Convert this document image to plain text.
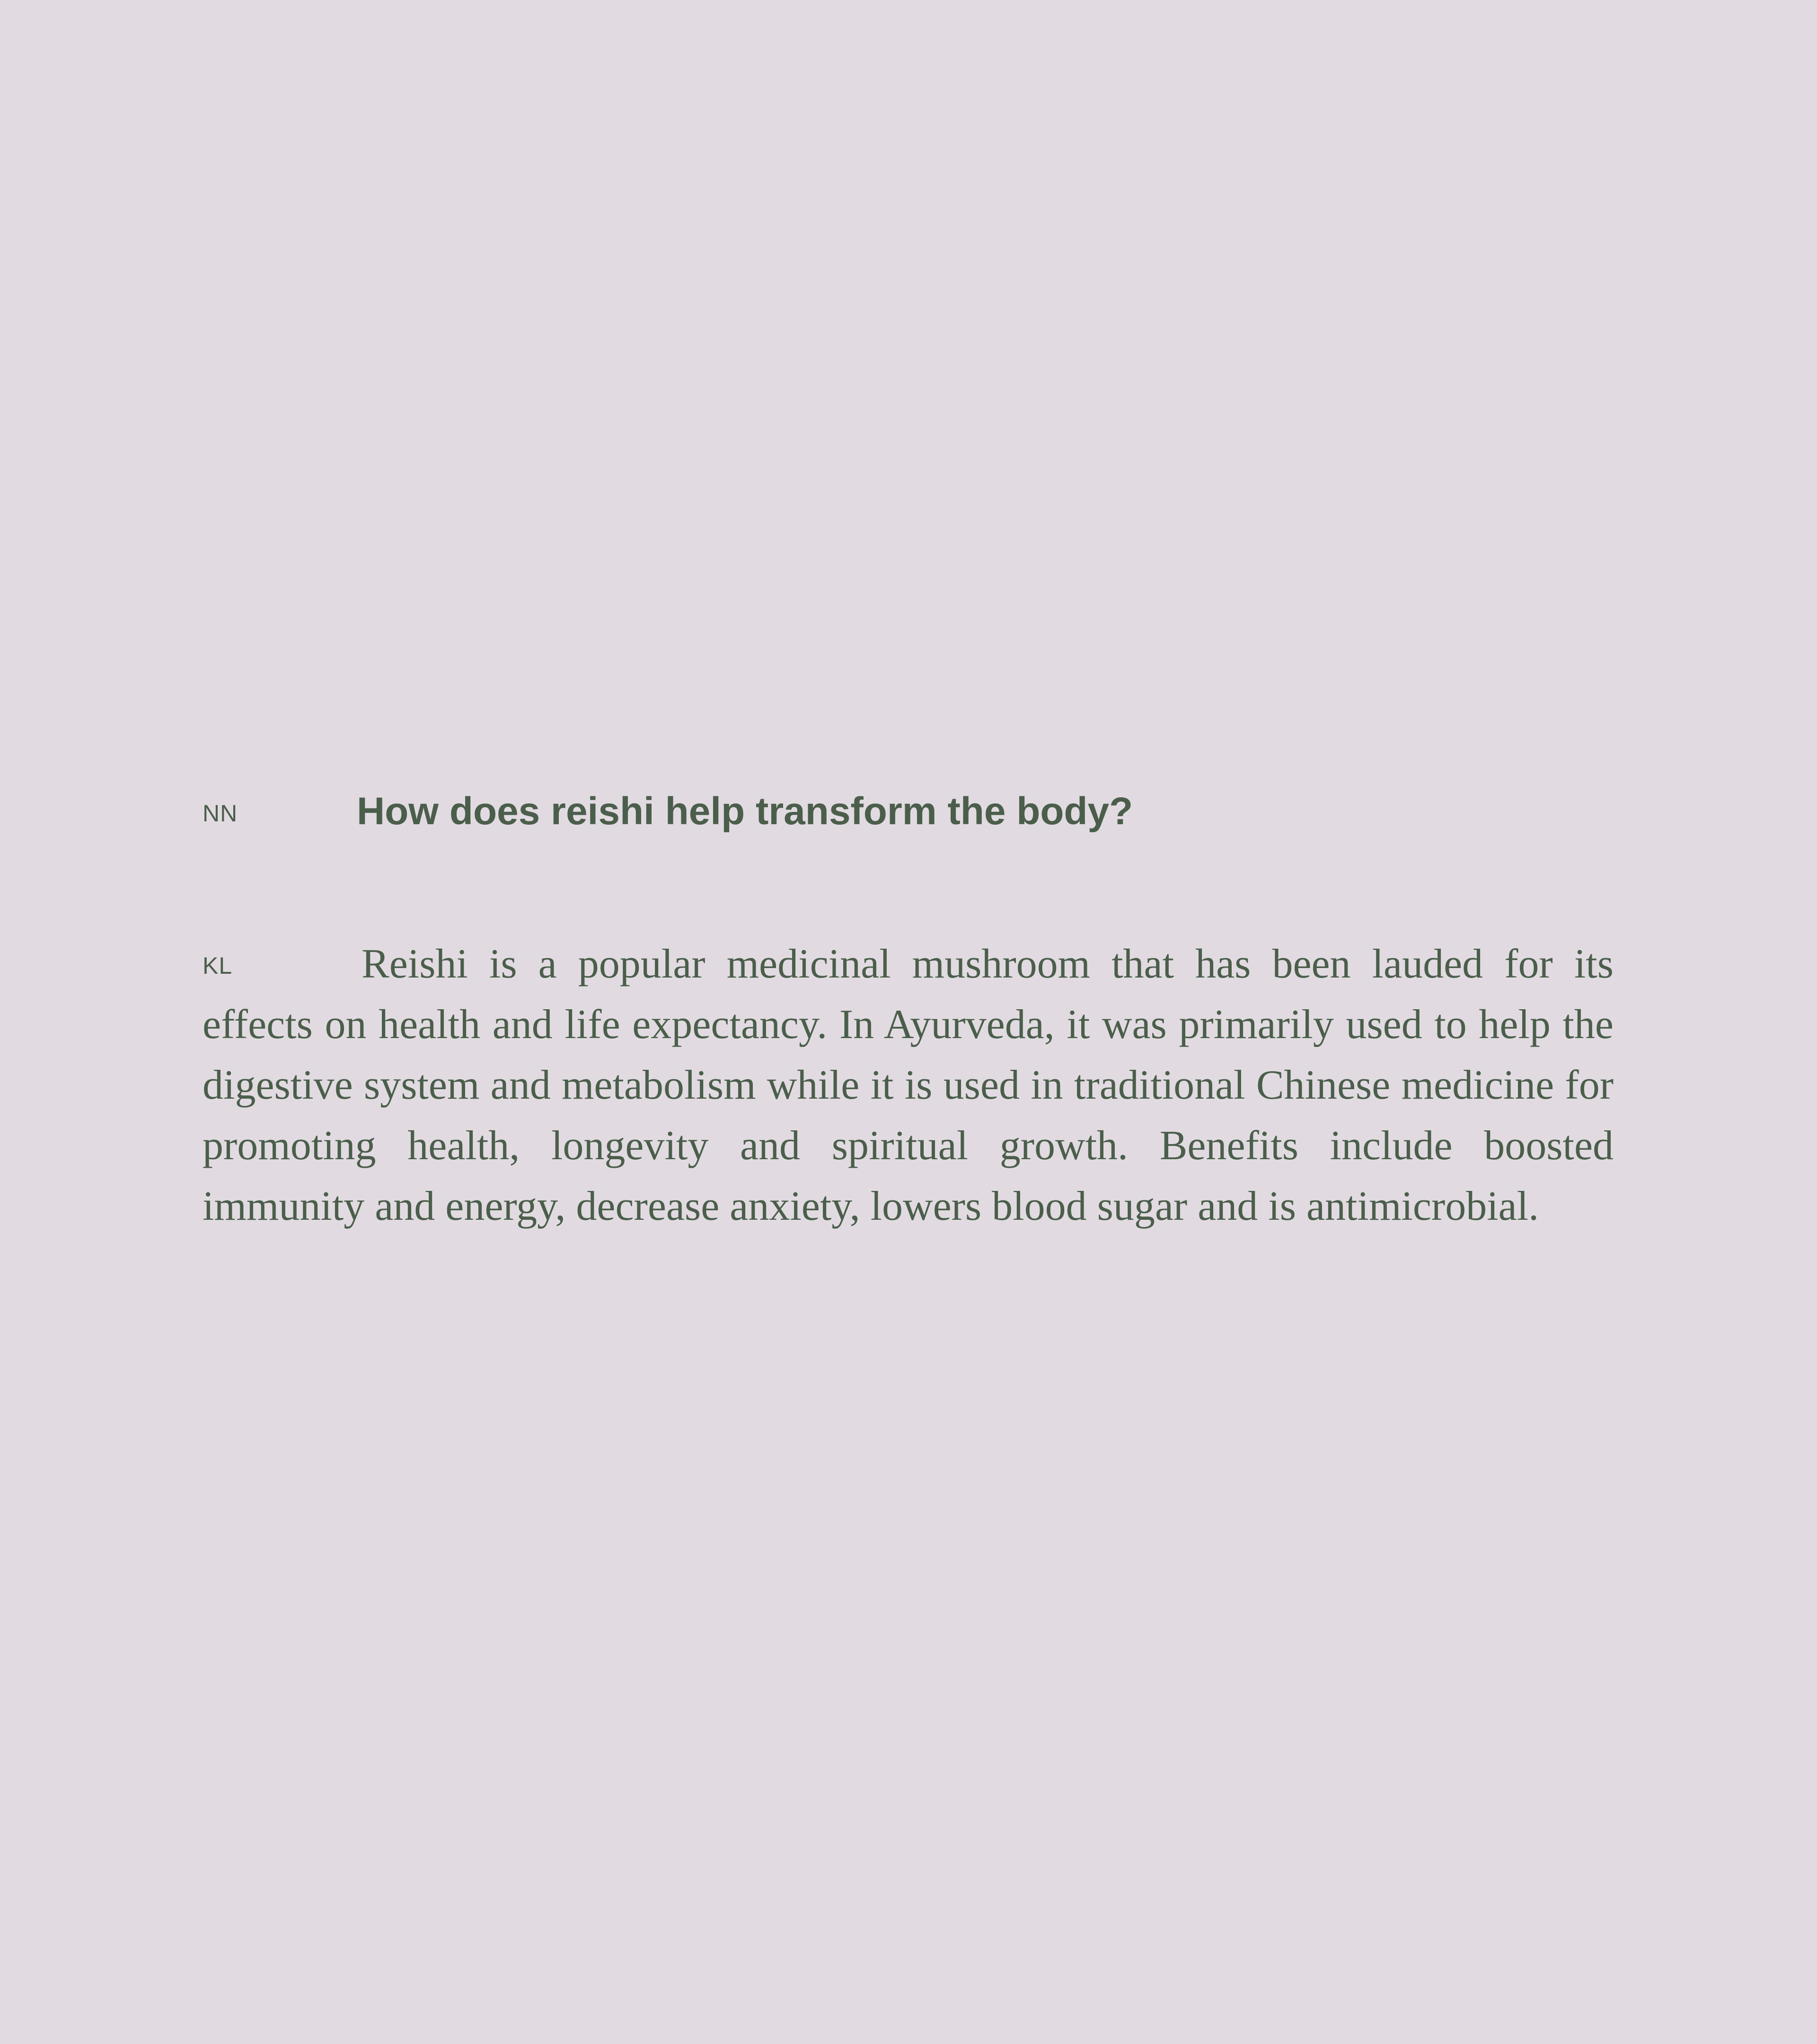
NN	How does reishi help transform the body?
KL	Reishi is a popular medicinal mushroom that has been lauded for its effects on health and life expectancy. In Ayurveda, it was primarily used to help the digestive system and metabolism while it is used in traditional Chinese medicine for promoting health, longevity and spiritual growth. Benefits include boosted immunity and energy, decrease anxiety, lowers blood sugar and is antimicrobial.
